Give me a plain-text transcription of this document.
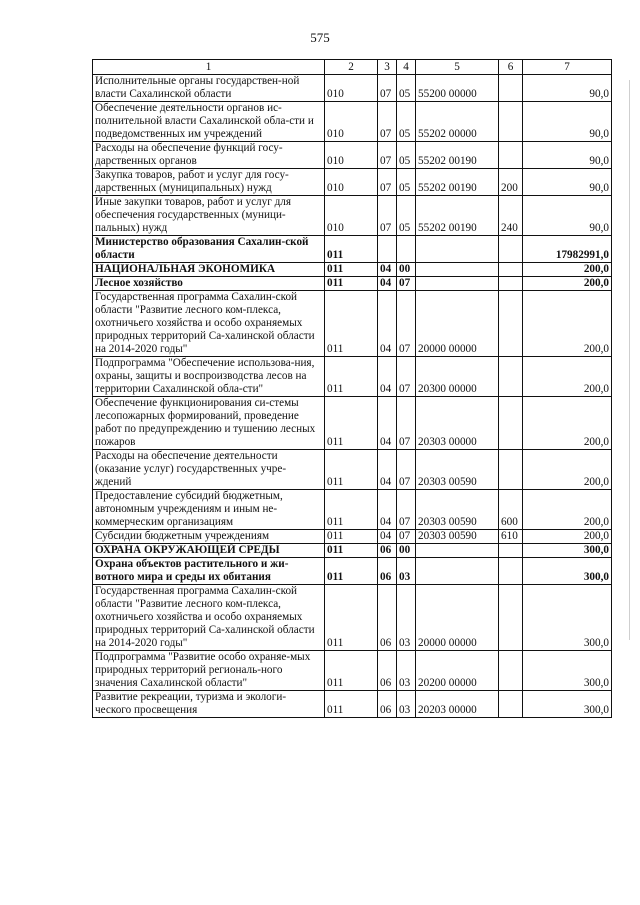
575
1	2	3	4	5	6	7
Исполнительные органы государствен-ной власти Сахалинской области	010	07	05	55200 00000		90,0
Обеспечение деятельности органов ис-полнительной власти Сахалинской обла-сти и подведомственных им учреждений	010	07	05	55202 00000		90,0
Расходы на обеспечение функций госу-дарственных органов	010	07	05	55202 00190		90,0
Закупка товаров, работ и услуг для госу-дарственных (муниципальных) нужд	010	07	05	55202 00190	200	90,0
Иные закупки товаров, работ и услуг для обеспечения государственных (муници-пальных) нужд	010	07	05	55202 00190	240	90,0
Министерство образования Сахалин-ской области	011					17982991,0
НАЦИОНАЛЬНАЯ ЭКОНОМИКА	011	04	00			200,0
Лесное хозяйство	011	04	07			200,0
Государственная программа Сахалин-ской области "Развитие лесного ком-плекса, охотничьего хозяйства и особо охраняемых природных территорий Са-халинской области на 2014-2020 годы"	011	04	07	20000 00000		200,0
Подпрограмма "Обеспечение использова-ния, охраны, защиты и воспроизводства лесов на территории Сахалинской обла-сти"	011	04	07	20300 00000		200,0
Обеспечение функционирования си-стемы лесопожарных формирований, проведение работ по предупреждению и тушению лесных пожаров	011	04	07	20303 00000		200,0
Расходы на обеспечение деятельности (оказание услуг) государственных учре-ждений	011	04	07	20303 00590		200,0
Предоставление субсидий бюджетным, автономным учреждениям и иным не-коммерческим организациям	011	04	07	20303 00590	600	200,0
Субсидии бюджетным учреждениям	011	04	07	20303 00590	610	200,0
ОХРАНА ОКРУЖАЮЩЕЙ СРЕДЫ	011	06	00			300,0
Охрана объектов растительного и жи-вотного мира и среды их обитания	011	06	03			300,0
Государственная программа Сахалин-ской области "Развитие лесного ком-плекса, охотничьего хозяйства и особо охраняемых природных территорий Са-халинской области на 2014-2020 годы"	011	06	03	20000 00000		300,0
Подпрограмма "Развитие особо охраняе-мых природных территорий региональ-ного значения Сахалинской области"	011	06	03	20200 00000		300,0
Развитие рекреации, туризма и экологи-ческого просвещения	011	06	03	20203 00000		300,0
